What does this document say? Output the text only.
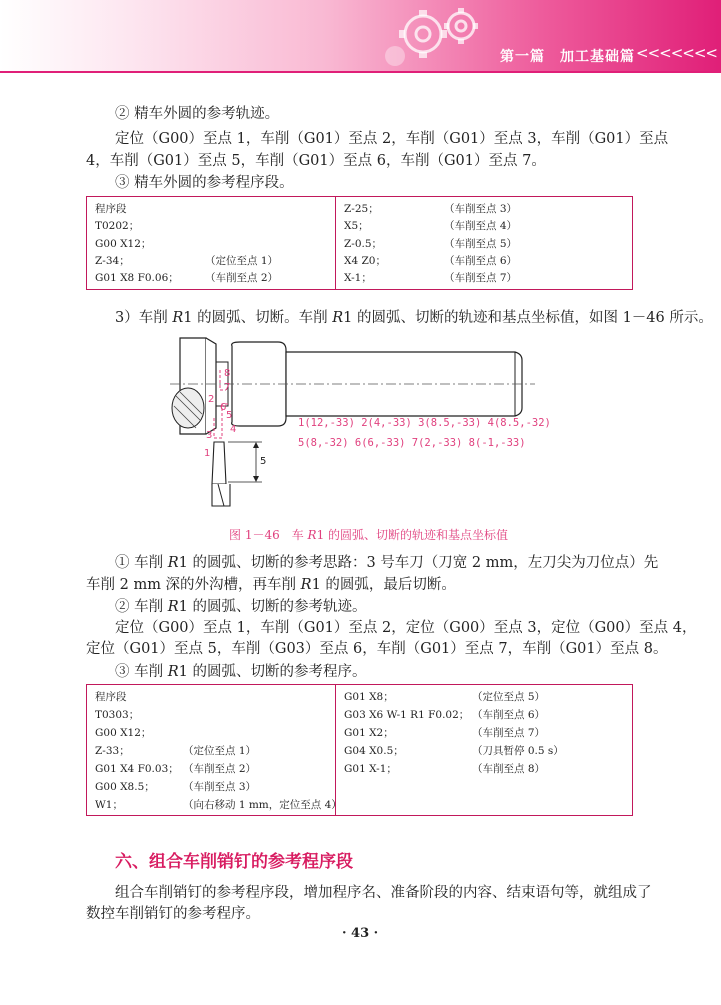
第一篇　加工基础篇 <<<<<<<
② 精车外圆的参考轨迹。
定位（G00）至点 1，车削（G01）至点 2，车削（G01）至点 3，车削（G01）至点
4，车削（G01）至点 5，车削（G01）至点 6，车削（G01）至点 7。
③ 精车外圆的参考程序段。
程序段
T0202；
G00 X12；
Z-34；	（定位至点 1）
G01 X8 F0.06；	（车削至点 2）
Z-25；	（车削至点 3）
X5；	（车削至点 4）
Z-0.5；	（车削至点 5）
X4 Z0；	（车削至点 6）
X-1；	（车削至点 7）
3）车削 R1 的圆弧、切断。车削 R1 的圆弧、切断的轨迹和基点坐标值，如图 1－46 所示。
8
7
2
6
5
4
3
1
5
1(12,-33) 2(4,-33) 3(8.5,-33) 4(8.5,-32)
5(8,-32) 6(6,-33) 7(2,-33) 8(-1,-33)
图 1－46　车 R1 的圆弧、切断的轨迹和基点坐标值
① 车削 R1 的圆弧、切断的参考思路：3 号车刀（刀宽 2 mm，左刀尖为刀位点）先
车削 2 mm 深的外沟槽，再车削 R1 的圆弧，最后切断。
② 车削 R1 的圆弧、切断的参考轨迹。
定位（G00）至点 1，车削（G01）至点 2，定位（G00）至点 3，定位（G00）至点 4，
定位（G01）至点 5，车削（G03）至点 6，车削（G01）至点 7，车削（G01）至点 8。
③ 车削 R1 的圆弧、切断的参考程序。
程序段
T0303；
G00 X12；
Z-33；	（定位至点 1）
G01 X4 F0.03； （车削至点 2）
G00 X8.5；	（车削至点 3）
W1；	（向右移动 1 mm，定位至点 4）
G01 X8；	（定位至点 5）
G03 X6 W-1 R1 F0.02； （车削至点 6）
G01 X2；	（车削至点 7）
G04 X0.5；	（刀具暂停 0.5 s）
G01 X-1；	（车削至点 8）
六、组合车削销钉的参考程序段
组合车削销钉的参考程序段，增加程序名、准备阶段的内容、结束语句等，就组成了
数控车削销钉的参考程序。
· 43 ·
